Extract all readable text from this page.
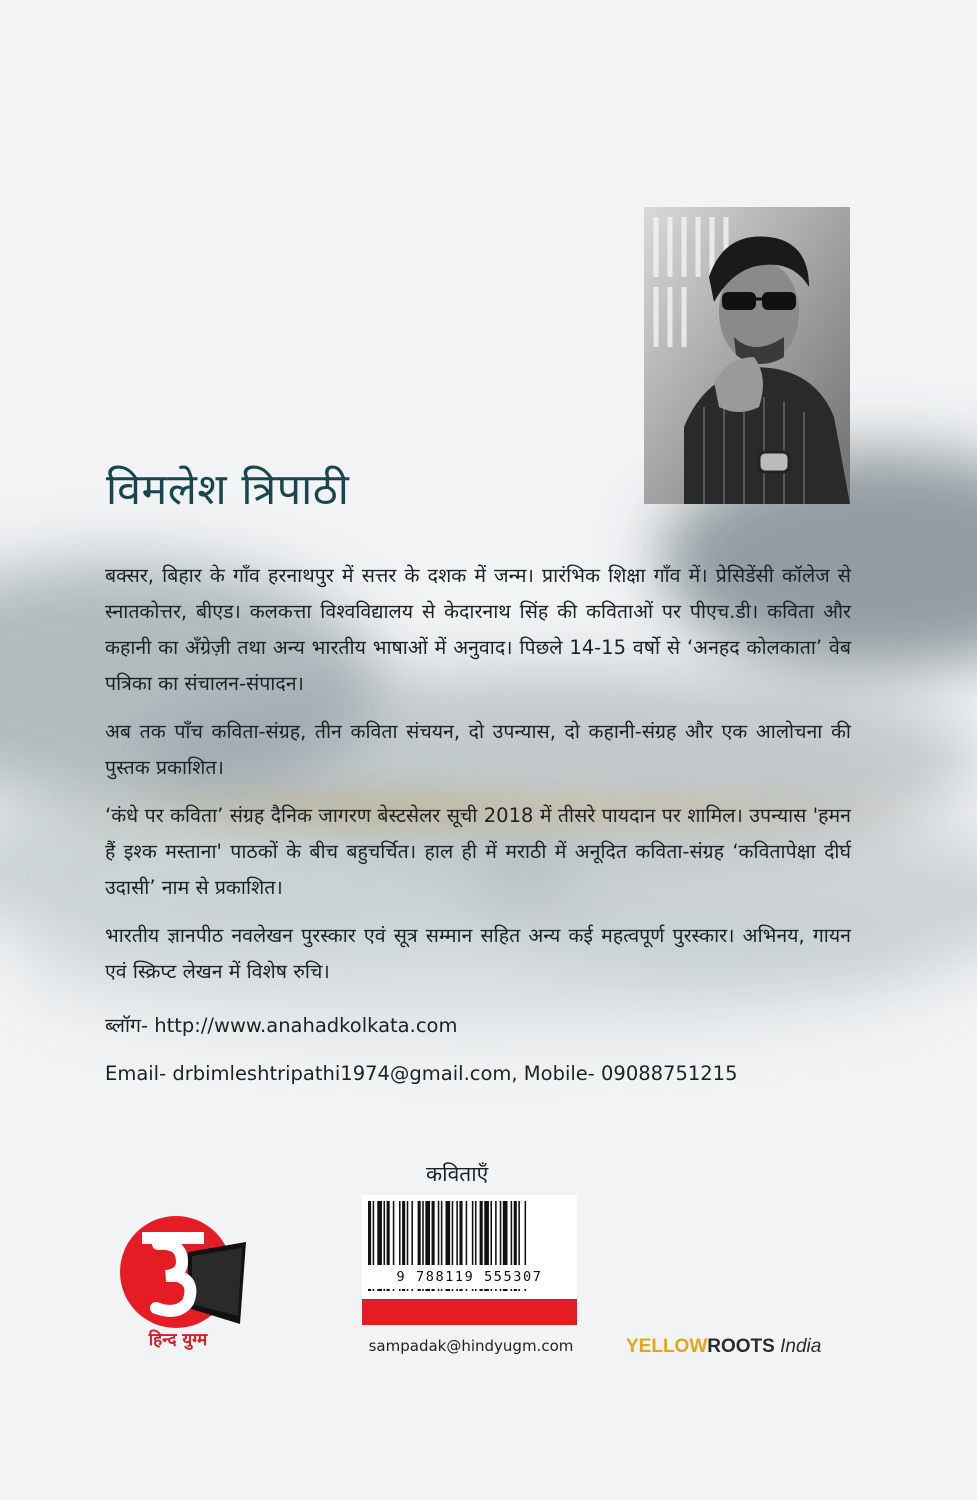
विमलेश त्रिपाठी

बक्सर, बिहार के गाँव हरनाथपुर में सत्तर के दशक में जन्म। प्रारंभिक शिक्षा गाँव में। प्रेसिडेंसी कॉलेज से स्नातकोत्तर, बीएड। कलकत्ता विश्वविद्यालय से केदारनाथ सिंह की कविताओं पर पीएच.डी। कविता और कहानी का अँग्रेज़ी तथा अन्य भारतीय भाषाओं में अनुवाद। पिछले 14-15 वर्षो से ‘अनहद कोलकाता’ वेब पत्रिका का संचालन-संपादन।

अब तक पाँच कविता-संग्रह, तीन कविता संचयन, दो उपन्यास, दो कहानी-संग्रह और एक आलोचना की पुस्तक प्रकाशित।

‘कंधे पर कविता’ संग्रह दैनिक जागरण बेस्टसेलर सूची 2018 में तीसरे पायदान पर शामिल। उपन्यास 'हमन हैं इश्क मस्ताना' पाठकों के बीच बहुचर्चित। हाल ही में मराठी में अनूदित कविता-संग्रह ‘कवितापेक्षा दीर्घ उदासी’ नाम से प्रकाशित।

भारतीय ज्ञानपीठ नवलेखन पुरस्कार एवं सूत्र सम्मान सहित अन्य कई महत्वपूर्ण पुरस्कार। अभिनय, गायन एवं स्क्रिप्ट लेखन में विशेष रुचि।

ब्लॉग- http://www.anahadkolkata.com
Email- drbimleshtripathi1974@gmail.com, Mobile- 09088751215
कविताएँ
9 788119 555307
sampadak@hindyugm.com
हिन्द युग्म	YELLOWROOTS India
